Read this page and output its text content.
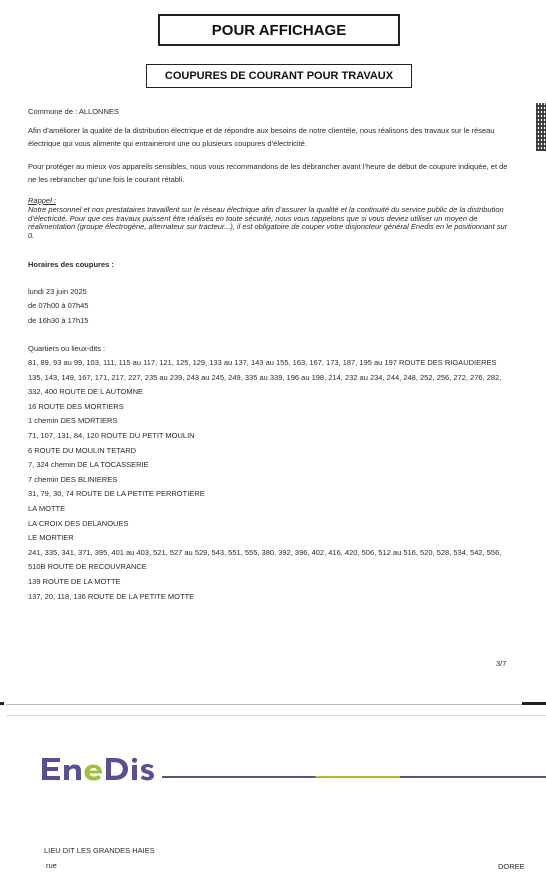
POUR AFFICHAGE
COUPURES DE COURANT POUR TRAVAUX
Commune de : ALLONNES
Afin d’améliorer la qualité de la distribution électrique et de répondre aux besoins de notre clientèle, nous réalisons des travaux sur le réseau électrique qui vous alimente qui entraineront une ou plusieurs coupures d’électricité.
Pour protéger au mieux vos appareils sensibles, nous vous recommandons de les débrancher avant l’heure de début de coupure indiquée, et de ne les rebrancher qu’une fois le courant rétabli.
Rappel :
Notre personnel et nos prestataires travaillent sur le réseau électrique afin d’assurer la qualité et la continuité du service public de la distribution d’électricité. Pour que ces travaux puissent être réalisés en toute sécurité, nous vous rappelons que si vous deviez utiliser un moyen de réalimentation (groupe électrogène, alternateur sur tracteur...), il est obligatoire de couper votre disjoncteur général Enedis en le positionnant sur 0.
Horaires des coupures :
lundi 23 juin 2025
de 07h00 à 07h45
de 16h30 à 17h15
Quartiers ou lieux-dits :
81, 89, 93 au 99, 103, 111, 115 au 117, 121, 125, 129, 133 au 137, 143 au 155, 163, 167, 173, 187, 195 au 197 ROUTE DES RIGAUDIERES
135, 143, 149, 167, 171, 217, 227, 235 au 239, 243 au 245, 249, 335 au 339, 196 au 198, 214, 232 au 234, 244, 248, 252, 256, 272, 276, 282, 332, 400 ROUTE DE L AUTOMNE
16 ROUTE DES MORTIERS
1 chemin DES MORTIERS
71, 107, 131, 84, 120 ROUTE DU PETIT MOULIN
6 ROUTE DU MOULIN TETARD
7, 324 chemin DE LA TOCASSERIE
7 chemin DES BLINIERES
31, 79, 30, 74 ROUTE DE LA PETITE PERROTIERE
LA MOTTE
LA CROIX DES DELANOUES
LE MORTIER
241, 335, 341, 371, 395, 401 au 403, 521, 527 au 529, 543, 551, 555, 380, 392, 396, 402, 416, 420, 506, 512 au 516, 520, 528, 534, 542, 556, 510B ROUTE DE RECOUVRANCE
139 ROUTE DE LA MOTTE
137, 20, 118, 136 ROUTE DE LA PETITE MOTTE
3/7
LIEU DIT LES GRANDES HAIES
rue	DOREE
